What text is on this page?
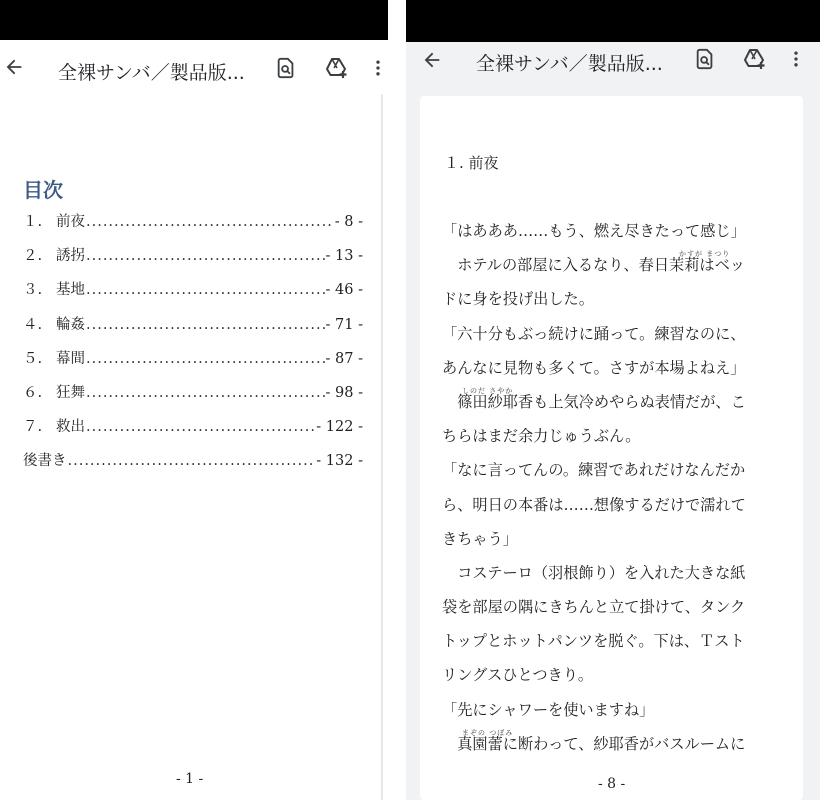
全裸サンバ／製品版...
目次
１. 前夜 .....	- 8 -
２. 誘拐 .....	- 13 -
３. 基地 .....	- 46 -
４. 輪姦 .....	- 71 -
５. 幕間 .....	- 87 -
６. 狂舞 .....	- 98 -
７. 救出 .....	- 122 -
後書き .....	- 132 -
- 1 -
全裸サンバ／製品版...
１. 前夜
「はあああ……もう、燃え尽きたって感じ」
　ホテルの部屋に入るなり、春日茉莉はベッ
かすが まつり
ドに身を投げ出した。
「六十分もぶっ続けに踊って。練習なのに、
あんなに見物も多くて。さすが本場よねえ」
　篠田紗耶香も上気冷めやらぬ表情だが、こ
しのだ さやか
ちらはまだ余力じゅうぶん。
「なに言ってんの。練習であれだけなんだか
ら、明日の本番は……想像するだけで濡れて
きちゃう」
　コステーロ（羽根飾り）を入れた大きな紙
袋を部屋の隅にきちんと立て掛けて、タンク
トップとホットパンツを脱ぐ。下は、Ｔスト
リングスひとつきり。
「先にシャワーを使いますね」
　真園蕾に断わって、紗耶香がバスルームに
まぞの つぼみ
- 8 -
